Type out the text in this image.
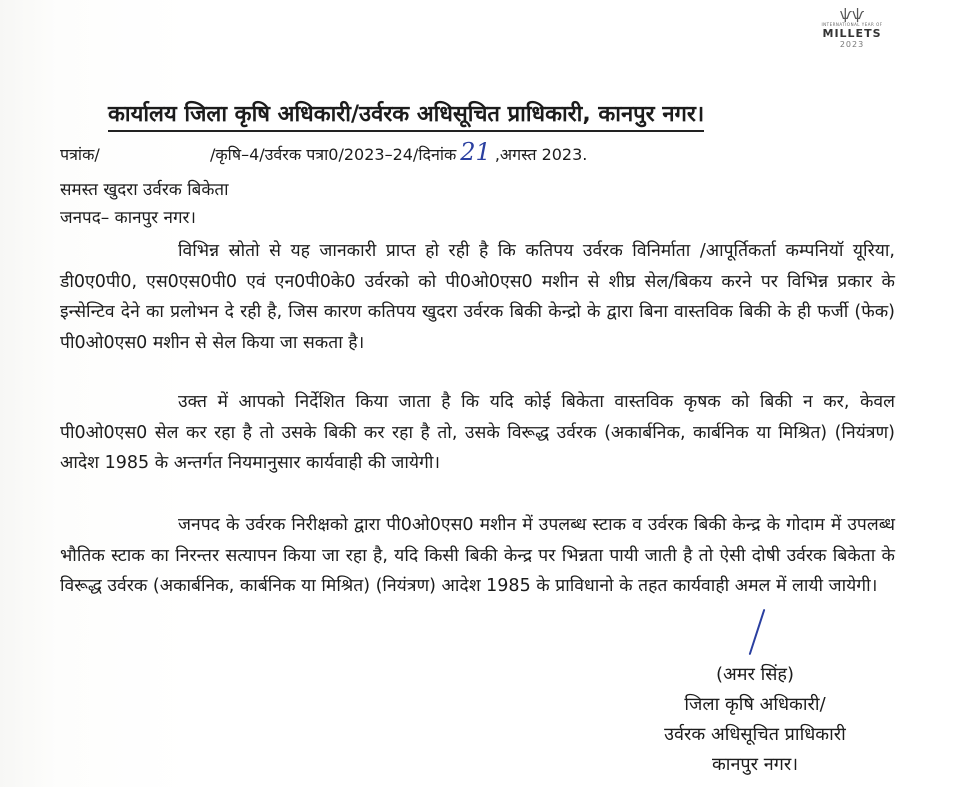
ѱѱ
INTERNATIONAL YEAR OF
MILLETS
2023
कार्यालय जिला कृषि अधिकारी/उर्वरक अधिसूचित प्राधिकारी, कानपुर नगर।
पत्रांक/	/कृषि–4/उर्वरक पत्रा0/2023–24/दिनांक 21 ,अगस्त 2023.
समस्त खुदरा उर्वरक बिकेता
जनपद– कानपुर नगर।

विभिन्न स्रोतो से यह जानकारी प्राप्त हो रही है कि कतिपय उर्वरक विनिर्माता /आपूर्तिकर्ता कम्पनियॉ यूरिया, डी0ए0पी0, एस0एस0पी0 एवं एन0पी0के0 उर्वरको को पी0ओ0एस0 मशीन से शीघ्र सेल/बिकय करने पर विभिन्न प्रकार के इन्सेन्टिव देने का प्रलोभन दे रही है, जिस कारण कतिपय खुदरा उर्वरक बिकी केन्द्रो के द्वारा बिना वास्तविक बिकी के ही फर्जी (फेक) पी0ओ0एस0 मशीन से सेल किया जा सकता है।

उक्त में आपको निर्देशित किया जाता है कि यदि कोई बिकेता वास्तविक कृषक को बिकी न कर, केवल पी0ओ0एस0 सेल कर रहा है तो उसके बिकी कर रहा है तो, उसके विरूद्ध उर्वरक (अकार्बनिक, कार्बनिक या मिश्रित) (नियंत्रण) आदेश 1985 के अन्तर्गत नियमानुसार कार्यवाही की जायेगी।

जनपद के उर्वरक निरीक्षको द्वारा पी0ओ0एस0 मशीन में उपलब्ध स्टाक व उर्वरक बिकी केन्द्र के गोदाम में उपलब्ध भौतिक स्टाक का निरन्तर सत्यापन किया जा रहा है, यदि किसी बिकी केन्द्र पर भिन्नता पायी जाती है तो ऐसी दोषी उर्वरक बिकेता के विरूद्ध उर्वरक (अकार्बनिक, कार्बनिक या मिश्रित) (नियंत्रण) आदेश 1985 के प्राविधानो के तहत कार्यवाही अमल में लायी जायेगी।

(अमर सिंह)
जिला कृषि अधिकारी/
उर्वरक अधिसूचित प्राधिकारी
कानपुर नगर।
